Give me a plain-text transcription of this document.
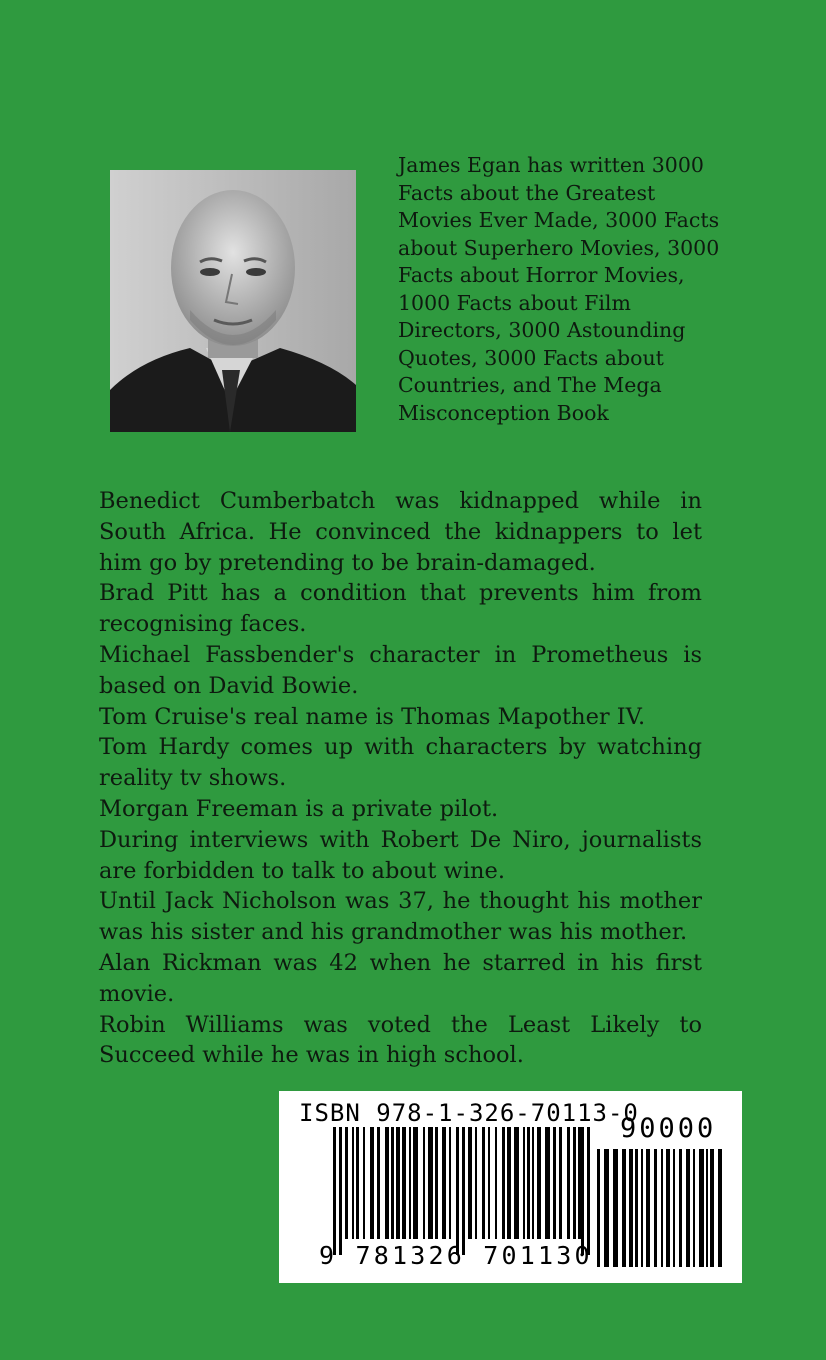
James Egan has written 3000 Facts about the Greatest Movies Ever Made, 3000 Facts about Superhero Movies, 3000 Facts about Horror Movies, 1000 Facts about Film Directors, 3000 Astounding Quotes, 3000 Facts about Countries, and The Mega Misconception Book

Benedict Cumberbatch was kidnapped while in South Africa. He convinced the kidnappers to let him go by pretending to be brain-damaged.

Brad Pitt has a condition that prevents him from recognising faces.

Michael Fassbender's character in Prometheus is based on David Bowie.

Tom Cruise's real name is Thomas Mapother IV.

Tom Hardy comes up with characters by watching reality tv shows.

Morgan Freeman is a private pilot.

During interviews with Robert De Niro, journalists are forbidden to talk to about wine.

Until Jack Nicholson was 37, he thought his mother was his sister and his grandmother was his mother.

Alan Rickman was 42 when he starred in his first movie.

Robin Williams was voted the Least Likely to Succeed while he was in high school.

ISBN 978-1-326-70113-0
90000
9 781326 701130
